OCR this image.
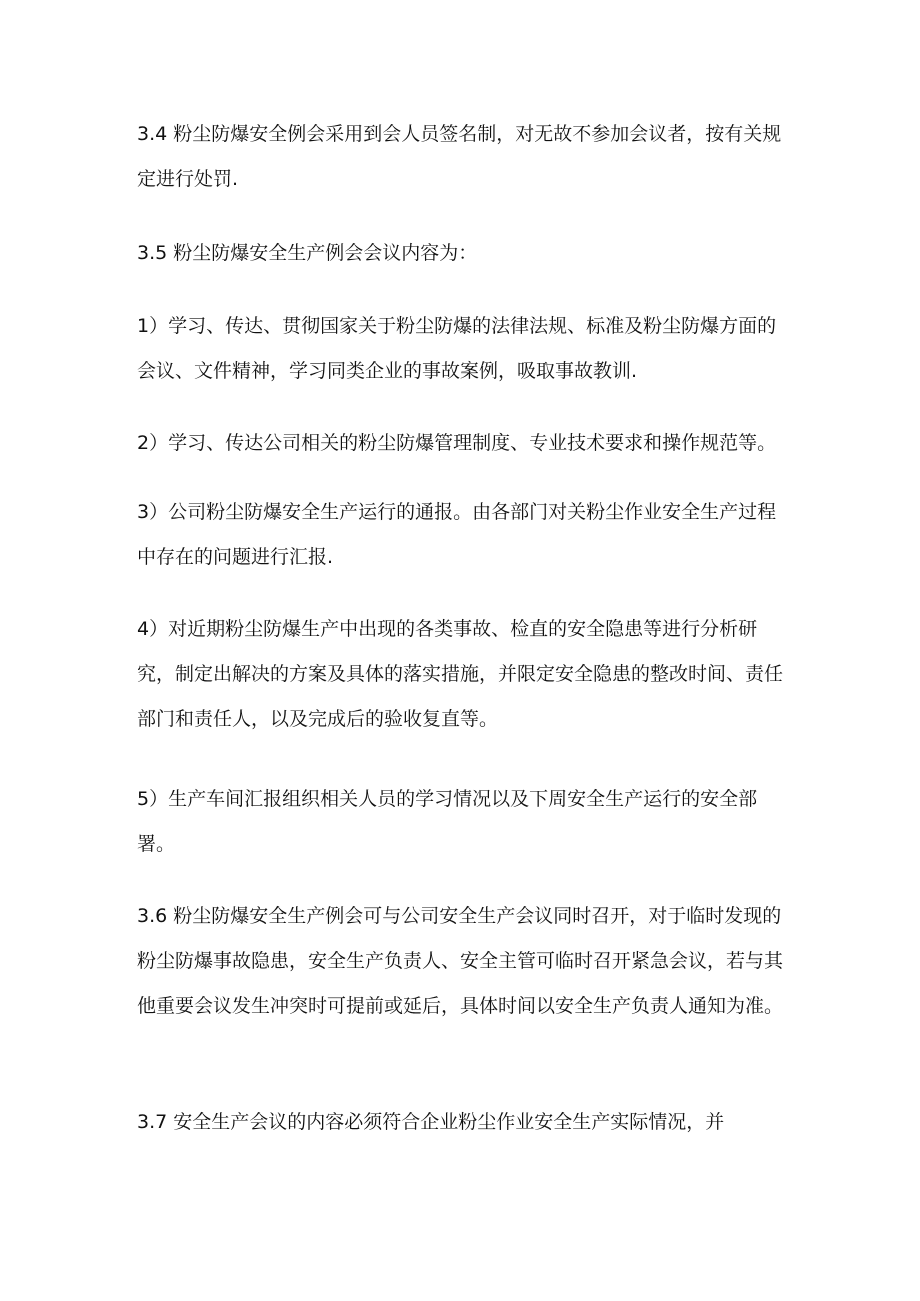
3.4 粉尘防爆安全例会采用到会人员签名制，对无故不参加会议者，按有关规定进行处罚.

3.5 粉尘防爆安全生产例会会议内容为：

1）学习、传达、贯彻国家关于粉尘防爆的法律法规、标准及粉尘防爆方面的会议、文件精神，学习同类企业的事故案例，吸取事故教训.

2）学习、传达公司相关的粉尘防爆管理制度、专业技术要求和操作规范等。

3）公司粉尘防爆安全生产运行的通报。由各部门对关粉尘作业安全生产过程中存在的问题进行汇报.

4）对近期粉尘防爆生产中出现的各类事故、检直的安全隐患等进行分析研究，制定出解决的方案及具体的落实措施，并限定安全隐患的整改时间、责任部门和责任人，以及完成后的验收复直等。

5）生产车间汇报组织相关人员的学习情况以及下周安全生产运行的安全部署。

3.6 粉尘防爆安全生产例会可与公司安全生产会议同时召开，对于临时发现的粉尘防爆事故隐患，安全生产负责人、安全主管可临时召开紧急会议，若与其他重要会议发生冲突时可提前或延后，具体时间以安全生产负责人通知为准。

3.7 安全生产会议的内容必须符合企业粉尘作业安全生产实际情况，并
